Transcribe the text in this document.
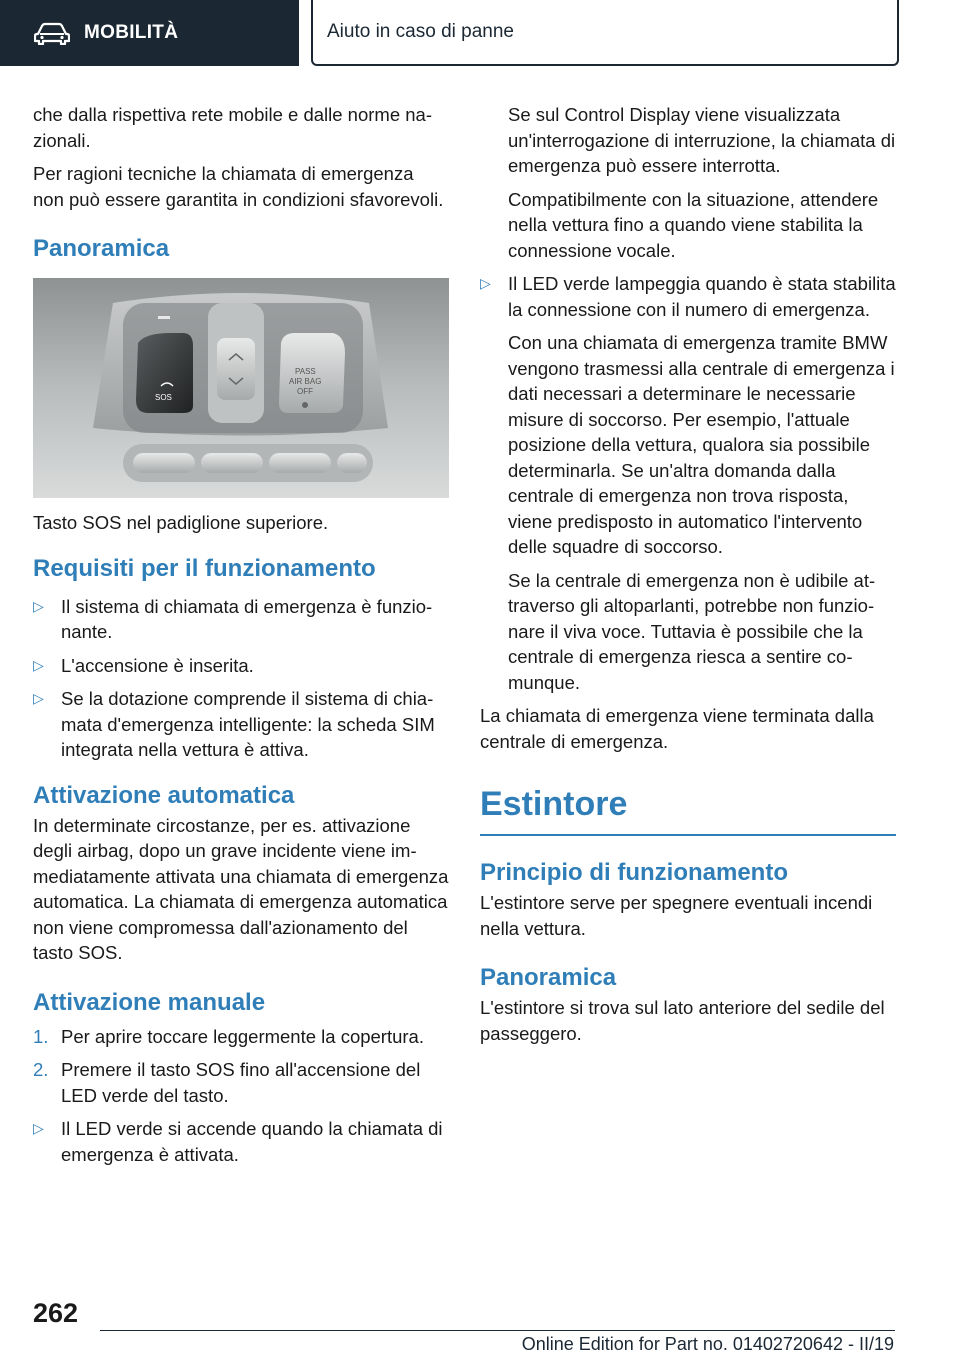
MOBILITÀ	Aiuto in caso di panne

che dalla rispettiva rete mobile e dalle norme nazionali.

Per ragioni tecniche la chiamata di emergenza non può essere garantita in condizioni sfavorevoli.

Panoramica
SOS
PASS
AIR BAG
OFF

Tasto SOS nel padiglione superiore.

Requisiti per il funzionamento
▷ Il sistema di chiamata di emergenza è funzionante.
▷ L'accensione è inserita.
▷ Se la dotazione comprende il sistema di chiamata d'emergenza intelligente: la scheda SIM integrata nella vettura è attiva.
Attivazione automatica

In determinate circostanze, per es. attivazione degli airbag, dopo un grave incidente viene immediatamente attivata una chiamata di emergenza automatica. La chiamata di emergenza automatica non viene compromessa dall'azionamento del tasto SOS.

Attivazione manuale
1. Per aprire toccare leggermente la copertura.
2. Premere il tasto SOS fino all'accensione del LED verde del tasto.
▷ Il LED verde si accende quando la chiamata di emergenza è attivata.

Se sul Control Display viene visualizzata un'interrogazione di interruzione, la chiamata di emergenza può essere interrotta.

Compatibilmente con la situazione, attendere nella vettura fino a quando viene stabilita la connessione vocale.

▷ Il LED verde lampeggia quando è stata stabilita la connessione con il numero di emergenza.

Con una chiamata di emergenza tramite BMW vengono trasmessi alla centrale di emergenza i dati necessari a determinare le necessarie misure di soccorso. Per esempio, l'attuale posizione della vettura, qualora sia possibile determinarla. Se un'altra domanda dalla centrale di emergenza non trova risposta, viene predisposto in automatico l'intervento delle squadre di soccorso.

Se la centrale di emergenza non è udibile attraverso gli altoparlanti, potrebbe non funzionare il viva voce. Tuttavia è possibile che la centrale di emergenza riesca a sentire comunque.

La chiamata di emergenza viene terminata dalla centrale di emergenza.

Estintore
Principio di funzionamento

L'estintore serve per spegnere eventuali incendi nella vettura.

Panoramica

L'estintore si trova sul lato anteriore del sedile del passeggero.

262
Online Edition for Part no. 01402720642 - II/19
